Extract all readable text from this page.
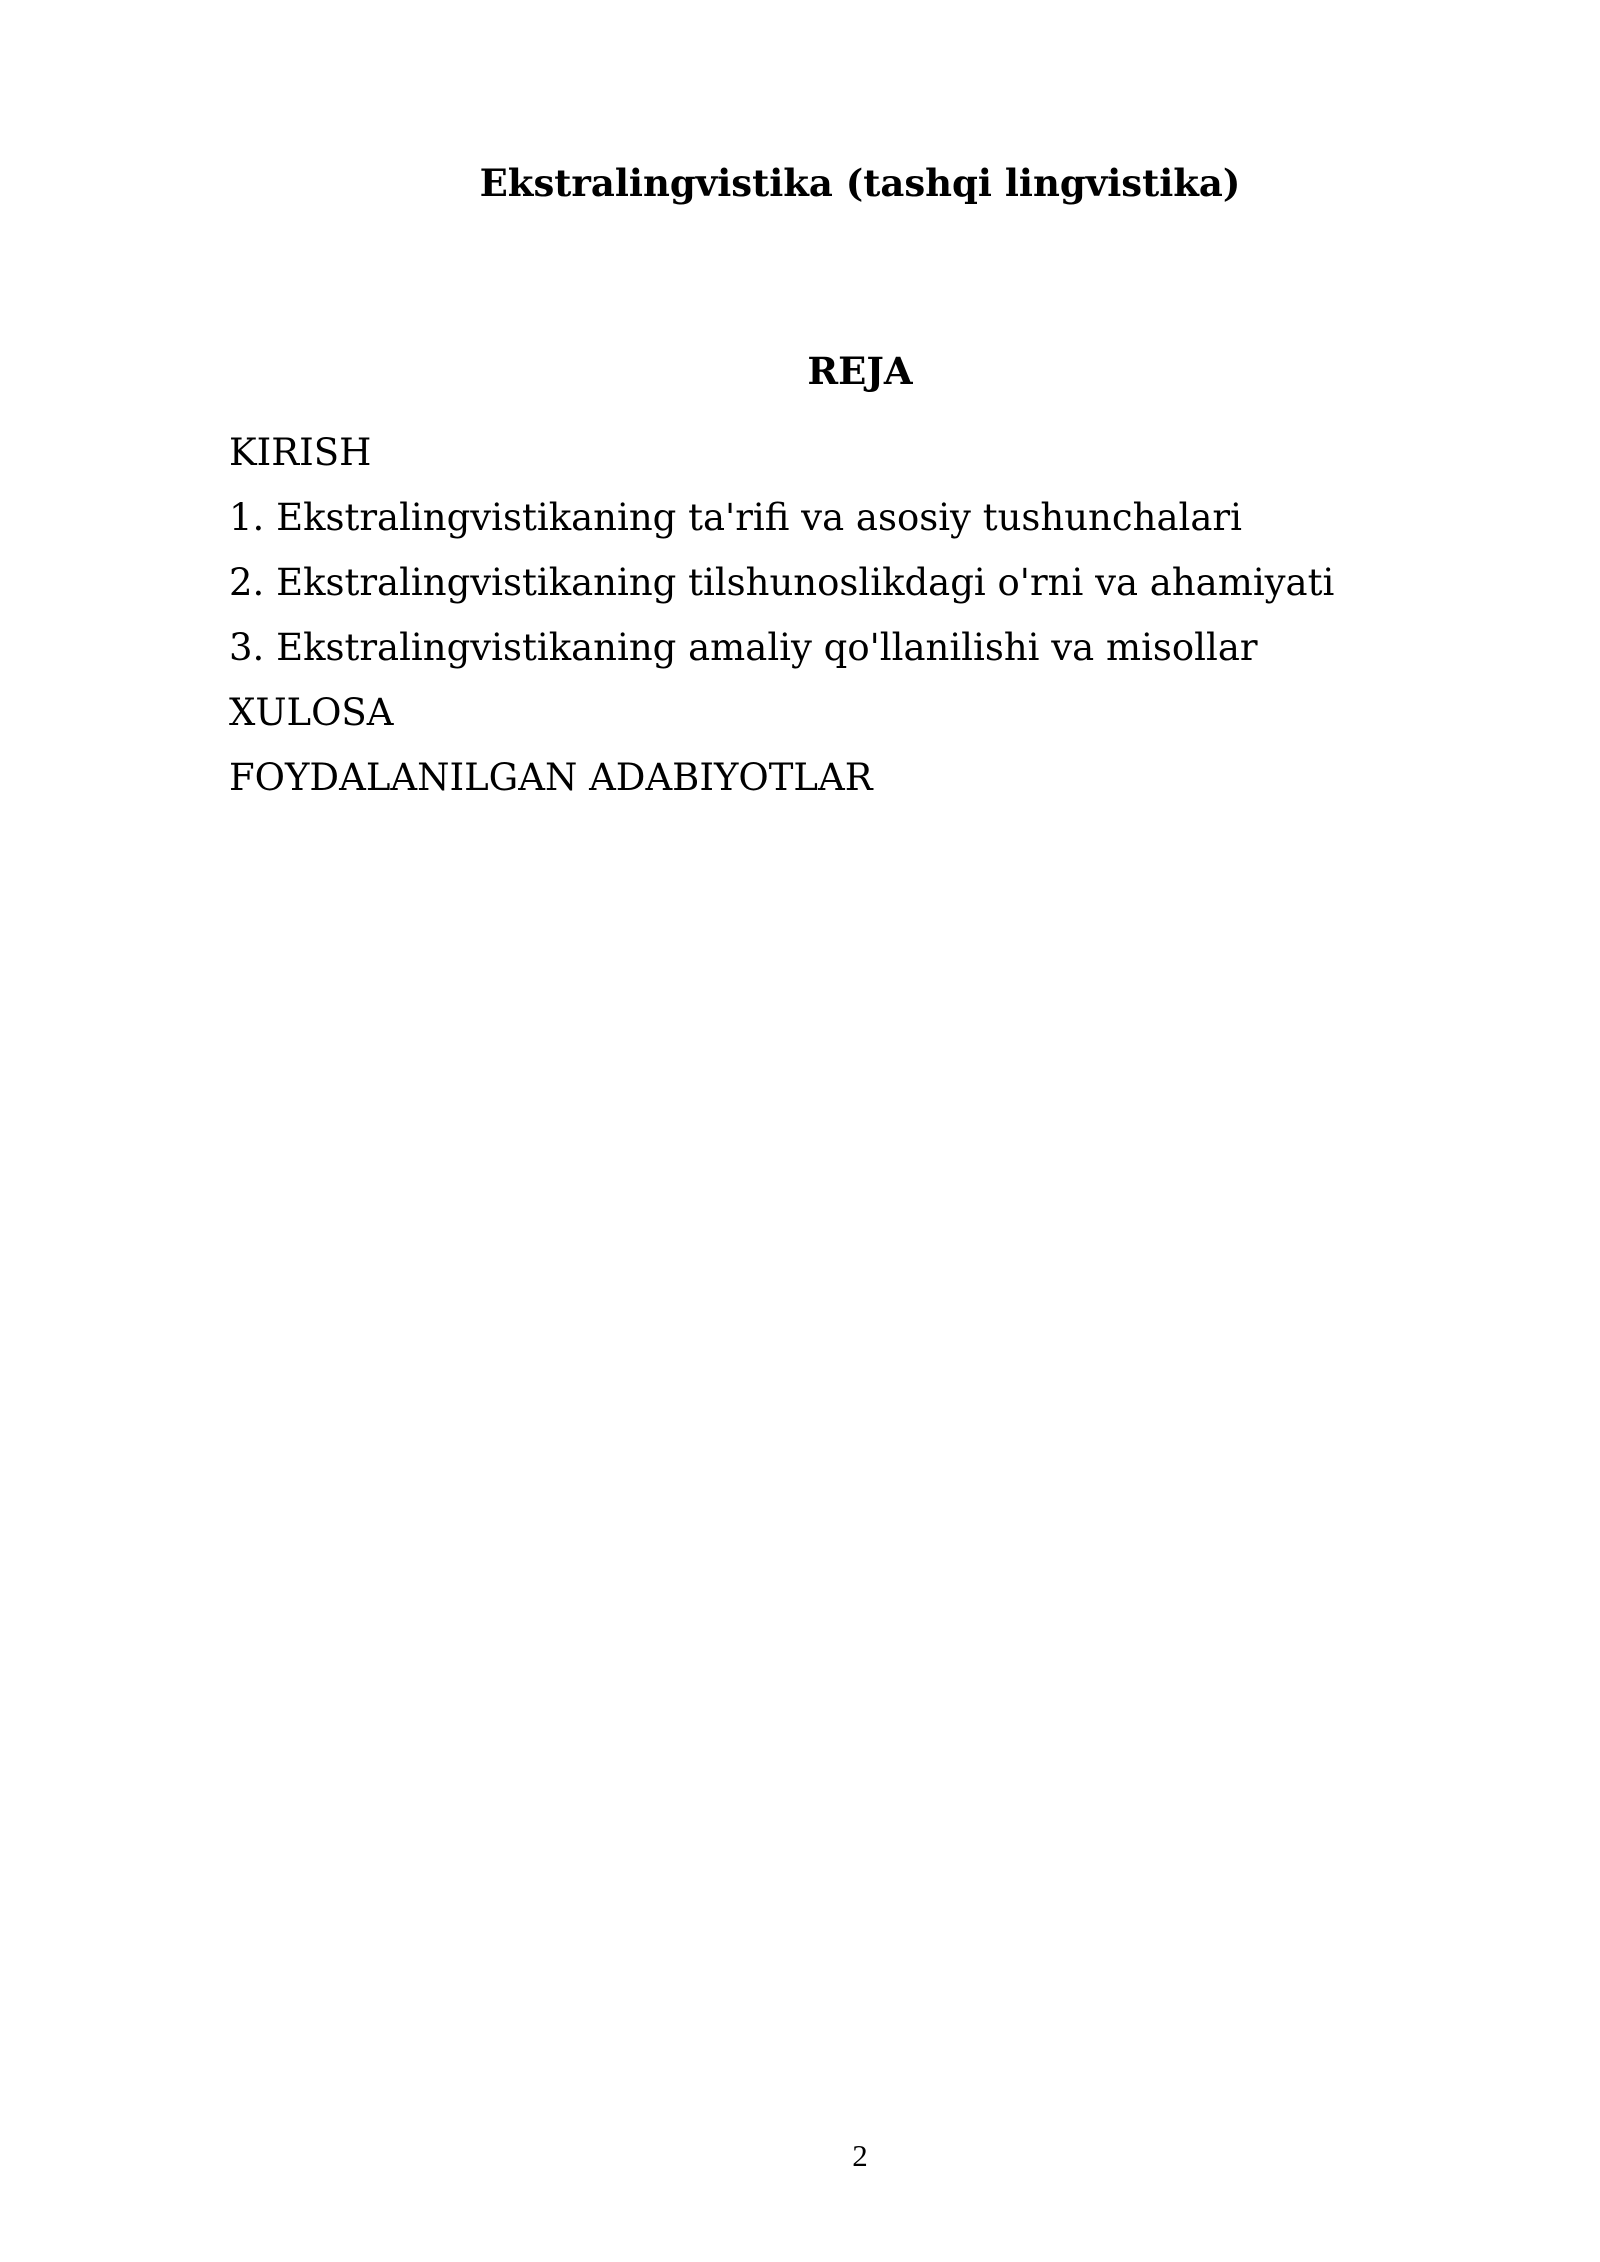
Ekstralingvistika (tashqi lingvistika)
REJA
KIRISH
1. Ekstralingvistikaning ta'rifi va asosiy tushunchalari
2. Ekstralingvistikaning tilshunoslikdagi o'rni va ahamiyati
3. Ekstralingvistikaning amaliy qo'llanilishi va misollar
XULOSA
FOYDALANILGAN ADABIYOTLAR
2
